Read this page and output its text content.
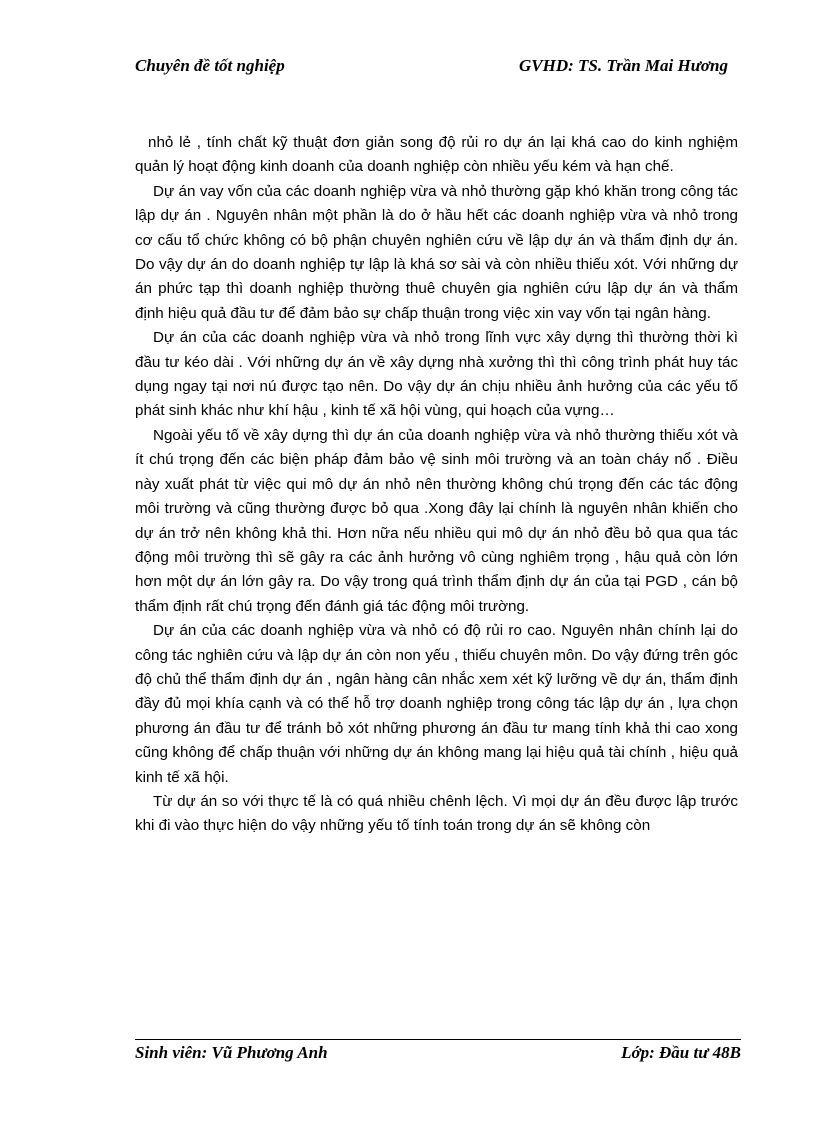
Chuyên đề tốt nghiệp	GVHD: TS. Trần Mai Hương

nhỏ lẻ , tính chất kỹ thuật đơn giản song độ rủi ro dự án lại khá cao do kinh nghiệm quản lý hoạt động kinh doanh của doanh nghiệp còn nhiều yếu kém và hạn chế.

Dự án vay vốn của các doanh nghiệp vừa và nhỏ thường gặp khó khăn trong công tác lập dự án . Nguyên nhân một phần là do ở hầu hết các doanh nghiệp vừa và nhỏ trong cơ cấu tổ chức không có bộ phận chuyên nghiên cứu về lập dự án và thẩm định dự án. Do vậy dự án do doanh nghiệp tự lập là khá sơ sài và còn nhiều thiếu xót. Với những dự án phức tạp thì doanh nghiệp thường thuê chuyên gia nghiên cứu lập dự án và thẩm định hiệu quả đầu tư để đảm bảo sự chấp thuận trong việc xin vay vốn tại ngân hàng.

Dự án của các doanh nghiệp vừa và nhỏ trong lĩnh vực xây dựng thì thường thời kì đầu tư kéo dài . Với những dự án về xây dựng nhà xưởng thì thì công trình phát huy tác dụng ngay tại nơi nú được tạo nên. Do vậy dự án chịu nhiều ảnh hưởng của các yếu tố phát sinh khác như khí hậu , kinh tế xã hội vùng, qui hoạch của vựng…

Ngoài yếu tố về xây dựng thì dự án của doanh nghiệp vừa và nhỏ thường thiếu xót và ít chú trọng đến các biện pháp đảm bảo vệ sinh môi trường và an toàn cháy nổ . Điều này xuất phát từ việc qui mô dự án nhỏ nên thường không chú trọng đến các tác động môi trường và cũng thường được bỏ qua .Xong đây lại chính là nguyên nhân khiến cho dự án trở nên không khả thi. Hơn nữa nếu nhiều qui mô dự án nhỏ đều bỏ qua qua tác động môi trường thì sẽ gây ra các ảnh hưởng vô cùng nghiêm trọng , hậu quả còn lớn hơn một dự án lớn gây ra. Do vậy trong quá trình thẩm định dự án của tại PGD , cán bộ thẩm định rất chú trọng đến đánh giá tác động môi trường.

Dự án của các doanh nghiệp vừa và nhỏ có độ rủi ro cao. Nguyên nhân chính lại do công tác nghiên cứu và lập dự án còn non yếu , thiếu chuyên môn. Do vậy đứng trên góc độ chủ thể thẩm định dự án , ngân hàng cân nhắc xem xét kỹ lưỡng về dự án, thẩm định đầy đủ mọi khía cạnh và có thể hỗ trợ doanh nghiệp trong công tác lập dự án , lựa chọn phương án đầu tư để tránh bỏ xót những phương án đầu tư mang tính khả thi cao xong cũng không để chấp thuận với những dự án không mang lại hiệu quả tài chính , hiệu quả kinh tế xã hội.

Từ dự án so với thực tế là có quá nhiều chênh lệch. Vì mọi dự án đều được lập trước khi đi vào thực hiện do vậy những yếu tố tính toán trong dự án sẽ không còn

Sinh viên: Vũ Phương Anh	Lớp: Đầu tư 48B
